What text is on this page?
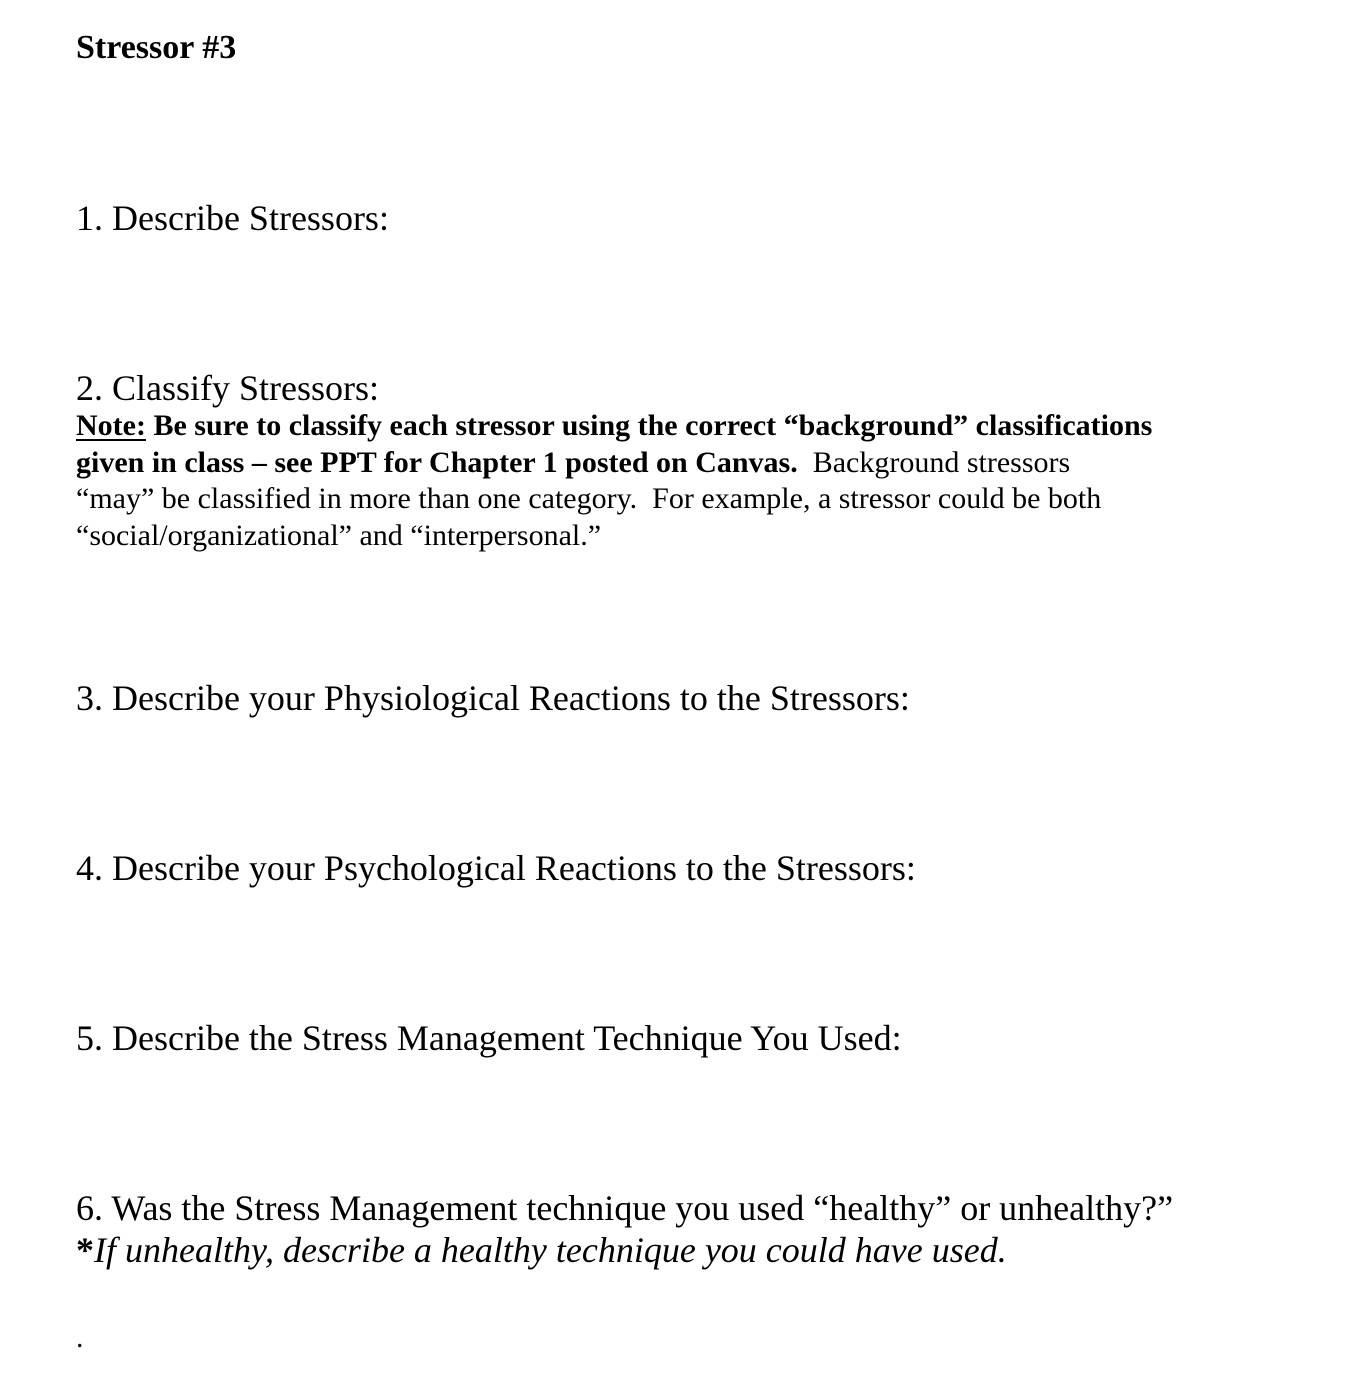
Stressor #3
1. Describe Stressors:
2. Classify Stressors:
Note: Be sure to classify each stressor using the correct “background” classifications
given in class – see PPT for Chapter 1 posted on Canvas.  Background stressors
“may” be classified in more than one category.  For example, a stressor could be both
“social/organizational” and “interpersonal.”
3. Describe your Physiological Reactions to the Stressors:
4. Describe your Psychological Reactions to the Stressors:
5. Describe the Stress Management Technique You Used:
6. Was the Stress Management technique you used “healthy” or unhealthy?”
*If unhealthy, describe a healthy technique you could have used.
.
